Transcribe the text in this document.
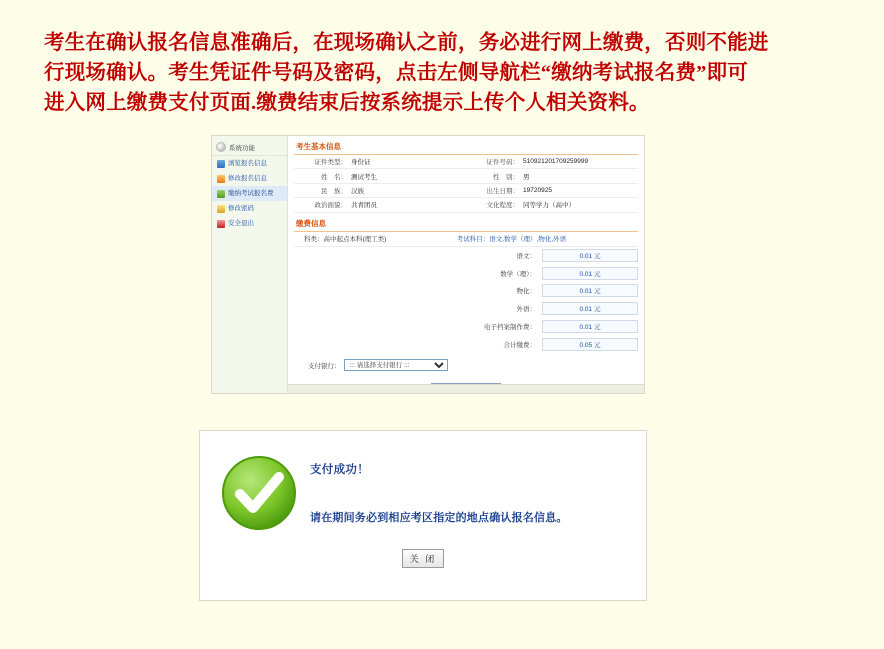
考生在确认报名信息准确后，在现场确认之前，务必进行网上缴费，否则不能进

行现场确认。考生凭证件号码及密码，点击左侧导航栏“缴纳考试报名费”即可

进入网上缴费支付页面.缴费结束后按系统提示上传个人相关资料。

系统功能
浏览报名信息
修改报名信息
缴纳考试报名费
修改密码
安全退出
考生基本信息
证件类型：	身份证	证件号码：	510921201709259999
姓　名：	测试考生	性　别：	男
民　族：	汉族	出生日期：	19720925
政治面貌：	共青团员	文化程度：	同等学力（高中）
缴费信息
科类：高中起点本科(理工类)	考试科目：语文,数学（理）,物化,外语
语文：	0.01 元
数学（理）：	0.01 元
物化：	0.01 元
外语：	0.01 元
电子档案制作费：	0.01 元
合计缴费：	0.05 元
支付银行：
::: 请选择支付银行 :::
支付成功！
请在期间务必到相应考区指定的地点确认报名信息。
关 闭
